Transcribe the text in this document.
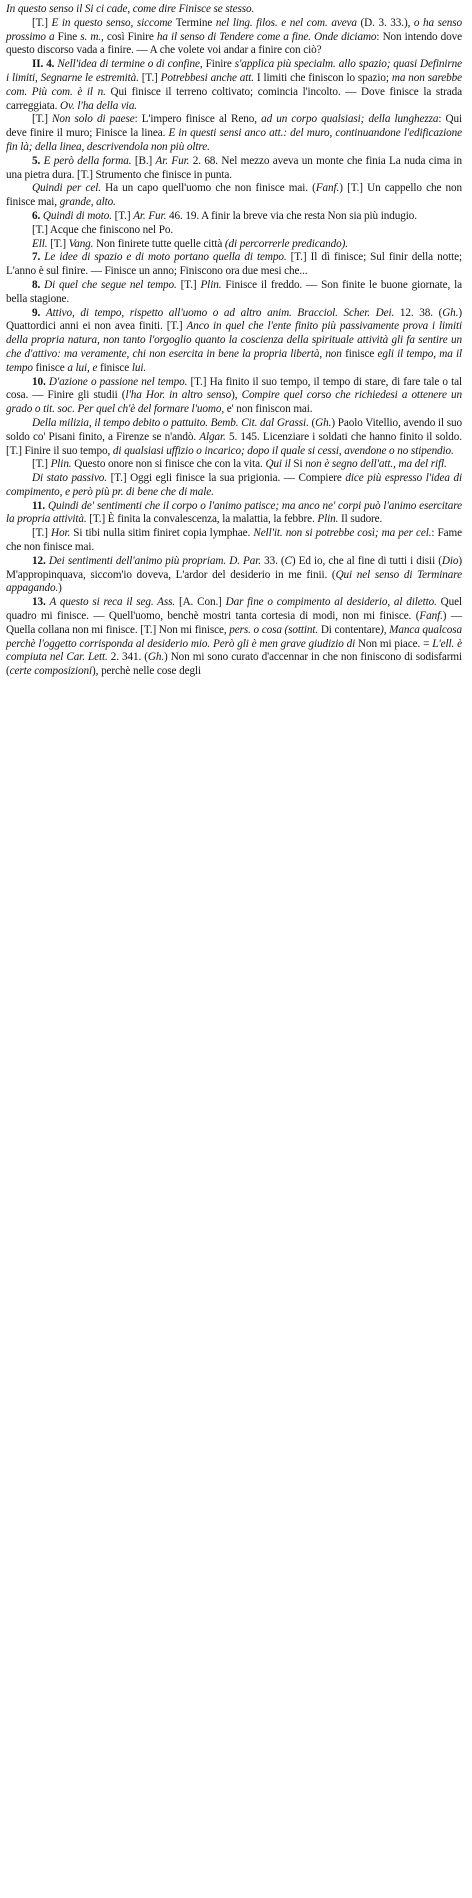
In questo senso il Si ci cade, come dire Finisce se stesso.

[T.] E in questo senso, siccome Termine nel ling. filos. e nel com. aveva (D. 3. 33.), o ha senso prossimo a Fine s. m., così Finire ha il senso di Tendere come a fine. Onde diciamo: Non intendo dove questo discorso vada a finire. — A che volete voi andar a finire con ciò?

II. 4. Nell'idea di termine o di confine, Finire s'applica più specialm. allo spazio; quasi Definirne i limiti, Segnarne le estremità. [T.] Potrebbesi anche att. I limiti che finiscon lo spazio; ma non sarebbe com. Più com. è il n. Qui finisce il terreno coltivato; comincia l'incolto. — Dove finisce la strada carreggiata. Ov. l'ha della via.

[T.] Non solo di paese: L'impero finisce al Reno, ad un corpo qualsiasi; della lunghezza: Qui deve finire il muro; Finisce la linea. E in questi sensi anco att.: del muro, continuandone l'edificazione fin là; della linea, descrivendola non più oltre.

5. E però della forma. [B.] Ar. Fur. 2. 68. Nel mezzo aveva un monte che finia La nuda cima in una pietra dura. [T.] Strumento che finisce in punta.

Quindi per cel. Ha un capo quell'uomo che non finisce mai. (Fanf.) [T.] Un cappello che non finisce mai, grande, alto.

6. Quindi di moto. [T.] Ar. Fur. 46. 19. A finir la breve via che resta Non sia più indugio.

[T.] Acque che finiscono nel Po.

Ell. [T.] Vang. Non finirete tutte quelle città (di percorrerle predicando).

7. Le idee di spazio e di moto portano quella di tempo. [T.] Il dì finisce; Sul finir della notte; L'anno è sul finire. — Finisce un anno; Finiscono ora due mesi che...

8. Di quel che segue nel tempo. [T.] Plin. Finisce il freddo. — Son finite le buone giornate, la bella stagione.

9. Attivo, di tempo, rispetto all'uomo o ad altro anim. Bracciol. Scher. Dei. 12. 38. (Gh.) Quattordici anni ei non avea finiti. [T.] Anco in quel che l'ente finito più passivamente prova i limiti della propria natura, non tanto l'orgoglio quanto la coscienza della spirituale attività gli fa sentire un che d'attivo: ma veramente, chi non esercita in bene la propria libertà, non finisce egli il tempo, ma il tempo finisce a lui, e finisce lui.

10. D'azione o passione nel tempo. [T.] Ha finito il suo tempo, il tempo di stare, di fare tale o tal cosa. — Finire gli studii (l'ha Hor. in altro senso), Compire quel corso che richiedesi a ottenere un grado o tit. soc. Per quel ch'è del formare l'uomo, e' non finiscon mai.

Della milizia, il tempo debito o pattuito. Bemb. Cit. dal Grassi. (Gh.) Paolo Vitellio, avendo il suo soldo co' Pisani finito, a Firenze se n'andò. Algar. 5. 145. Licenziare i soldati che hanno finito il soldo. [T.] Finire il suo tempo, di qualsiasi uffizio o incarico; dopo il quale si cessi, avendone o no stipendio.

[T.] Plin. Questo onore non si finisce che con la vita. Qui il Si non è segno dell'att., ma del rifl.

Di stato passivo. [T.] Oggi egli finisce la sua prigionia. — Compiere dice più espresso l'idea di compimento, e però più pr. di bene che di male.

11. Quindi de' sentimenti che il corpo o l'animo patisce; ma anco ne' corpi può l'animo esercitare la propria attività. [T.] È finita la convalescenza, la malattia, la febbre. Plin. Il sudore.

[T.] Hor. Si tibi nulla sitim finiret copia lymphae. Nell'it. non si potrebbe così; ma per cel.: Fame che non finisce mai.

12. Dei sentimenti dell'animo più propriam. D. Par. 33. (C) Ed io, che al fine di tutti i disii (Dio) M'appropinquava, siccom'io doveva, L'ardor del desiderio in me finii. (Qui nel senso di Terminare appagando.)

13. A questo si reca il seg. Ass. [A. Con.] Dar fine o compimento al desiderio, al diletto. Quel quadro mi finisce. — Quell'uomo, benchè mostri tanta cortesia di modi, non mi finisce. (Fanf.) — Quella collana non mi finisce. [T.] Non mi finisce, pers. o cosa (sottint. Di contentare), Manca qualcosa perchè l'oggetto corrisponda al desiderio mio. Però gli è men grave giudizio di Non mi piace. = L'ell. è compiuta nel Car. Lett. 2. 341. (Gh.) Non mi sono curato d'accennar in che non finiscono di sodisfarmi (certe composizioni), perchè nelle cose degli
